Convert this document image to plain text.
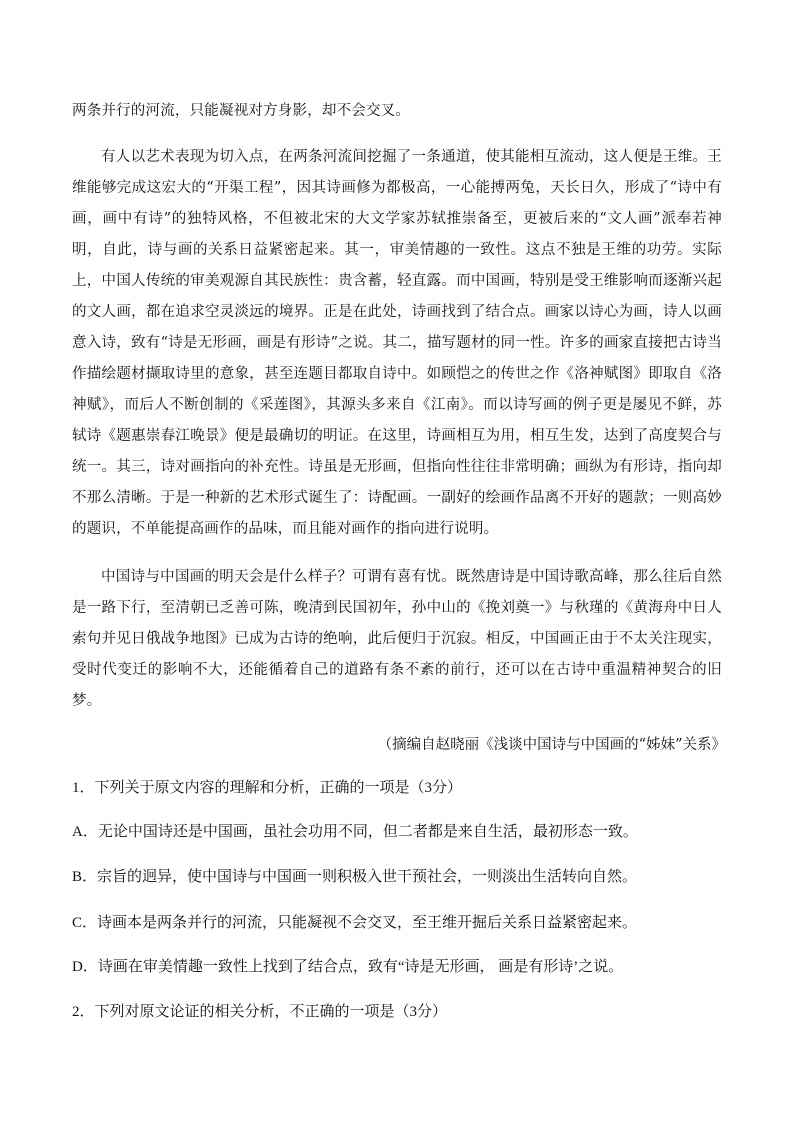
两条并行的河流，只能凝视对方身影，却不会交叉。

有人以艺术表现为切入点，在两条河流间挖掘了一条通道，使其能相互流动，这人便是王维。王维能够完成这宏大的“开渠工程”，因其诗画修为都极高，一心能搏两兔，天长日久，形成了“诗中有画，画中有诗”的独特风格，不但被北宋的大文学家苏轼推崇备至，更被后来的“文人画”派奉若神明，自此，诗与画的关系日益紧密起来。其一，审美情趣的一致性。这点不独是王维的功劳。实际上，中国人传统的审美观源自其民族性：贵含蓄，轻直露。而中国画，特别是受王维影响而逐渐兴起的文人画，都在追求空灵淡远的境界。正是在此处，诗画找到了结合点。画家以诗心为画，诗人以画意入诗，致有“诗是无形画，画是有形诗”之说。其二，描写题材的同一性。许多的画家直接把古诗当作描绘题材撷取诗里的意象，甚至连题目都取自诗中。如顾恺之的传世之作《洛神赋图》即取自《洛神赋》，而后人不断创制的《采莲图》，其源头多来自《江南》。而以诗写画的例子更是屡见不鲜，苏轼诗《题惠崇春江晚景》便是最确切的明证。在这里，诗画相互为用，相互生发，达到了高度契合与统一。其三，诗对画指向的补充性。诗虽是无形画，但指向性往往非常明确；画纵为有形诗，指向却不那么清晰。于是一种新的艺术形式诞生了：诗配画。一副好的绘画作品离不开好的题款；一则高妙的题识，不单能提高画作的品味，而且能对画作的指向进行说明。

中国诗与中国画的明天会是什么样子？可谓有喜有忧。既然唐诗是中国诗歌高峰，那么往后自然是一路下行，至清朝已乏善可陈，晚清到民国初年，孙中山的《挽刘奠一》与秋瑾的《黄海舟中日人索句并见日俄战争地图》已成为古诗的绝响，此后便归于沉寂。相反，中国画正由于不太关注现实，受时代变迁的影响不大，还能循着自己的道路有条不紊的前行，还可以在古诗中重温精神契合的旧梦。

（摘编自赵晓丽《浅谈中国诗与中国画的“姊妹”关系》
1．下列关于原文内容的理解和分析，正确的一项是（3分）
A．无论中国诗还是中国画，虽社会功用不同，但二者都是来自生活，最初形态一致。
B．宗旨的迥异，使中国诗与中国画一则积极入世干预社会，一则淡出生活转向自然。
C．诗画本是两条并行的河流，只能凝视不会交叉，至王维开掘后关系日益紧密起来。
D．诗画在审美情趣一致性上找到了结合点，致有“诗是无形画， 画是有形诗’之说。
2．下列对原文论证的相关分析，不正确的一项是（3分）
